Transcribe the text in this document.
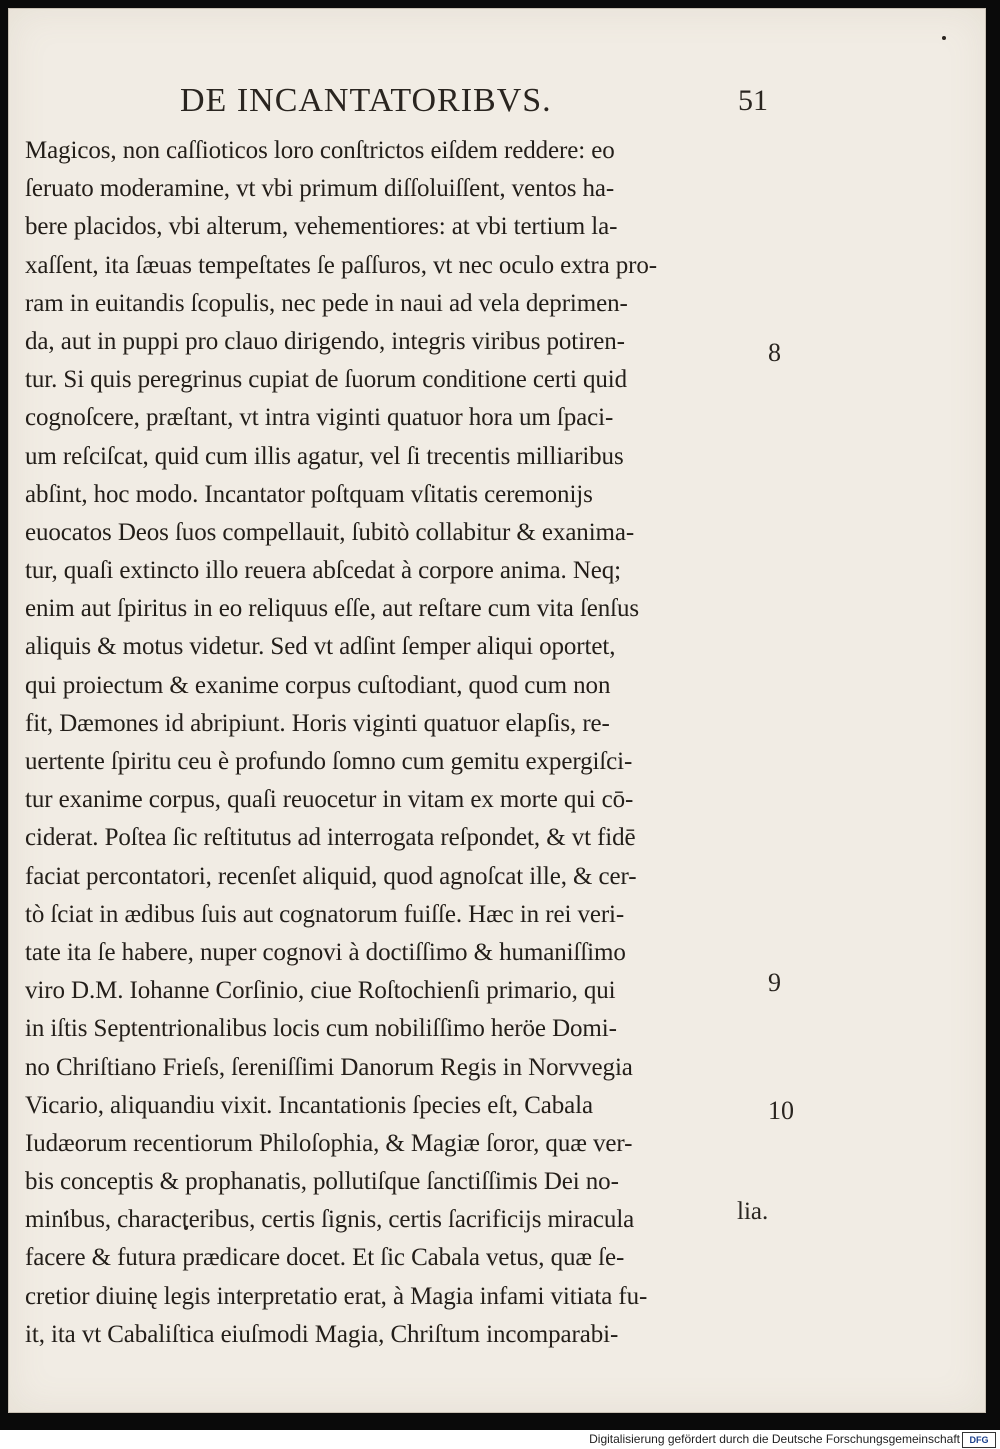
DE INCANTATORIBVS.	51
Magicos, non caſſioticos loro conſtrictos eiſdem reddere: eo
ſeruato moderamine, vt vbi primum diſſoluiſſent, ventos ha-
bere placidos, vbi alterum, vehementiores: at vbi tertium la-
xaſſent, ita ſæuas tempeſtates ſe paſſuros, vt nec oculo extra pro-
ram in euitandis ſcopulis, nec pede in naui ad vela deprimen-
da, aut in puppi pro clauo dirigendo, integris viribus potiren-
tur. Si quis peregrinus cupiat de ſuorum conditione certi quid
cognoſcere, præſtant, vt intra viginti quatuor hora um ſpaci-
um reſciſcat, quid cum illis agatur, vel ſi trecentis milliaribus
abſint, hoc modo. Incantator poſtquam vſitatis ceremonijs
euocatos Deos ſuos compellauit, ſubitò collabitur & exanima-
tur, quaſi extincto illo reuera abſcedat à corpore anima. Neq;
enim aut ſpiritus in eo reliquus eſſe, aut reſtare cum vita ſenſus
aliquis & motus videtur. Sed vt adſint ſemper aliqui oportet,
qui proiectum & exanime corpus cuſtodiant, quod cum non
fit, Dæmones id abripiunt. Horis viginti quatuor elapſis, re-
uertente ſpiritu ceu è profundo ſomno cum gemitu expergiſci-
tur exanime corpus, quaſi reuocetur in vitam ex morte qui cō-
ciderat. Poſtea ſic reſtitutus ad interrogata reſpondet, & vt fidē
faciat percontatori, recenſet aliquid, quod agnoſcat ille, & cer-
tò ſciat in ædibus ſuis aut cognatorum fuiſſe. Hæc in rei veri-
tate ita ſe habere, nuper cognovi à doctiſſimo & humaniſſimo
viro D.M. Iohanne Corſinio, ciue Roſtochienſi primario, qui
in iſtis Septentrionalibus locis cum nobiliſſimo heröe Domi-
no Chriſtiano Frieſs, ſereniſſimi Danorum Regis in Norvvegia
Vicario, aliquandiu vixit. Incantationis ſpecies eſt, Cabala
Iudæorum recentiorum Philoſophia, & Magiæ ſoror, quæ ver-
bis conceptis & prophanatis, pollutiſque ſanctiſſimis Dei no-
minibus, characteribus, certis ſignis, certis ſacrificijs miracula
facere & futura prædicare docet. Et ſic Cabala vetus, quæ ſe-
cretior diuinę legis interpretatio erat, à Magia infami vitiata fu-
it, ita vt Cabaliſtica eiuſmodi Magia, Chriſtum incomparabi-
8
9
10
lia.
Digitalisierung gefördert durch die Deutsche Forschungsgemeinschaft	DFG
